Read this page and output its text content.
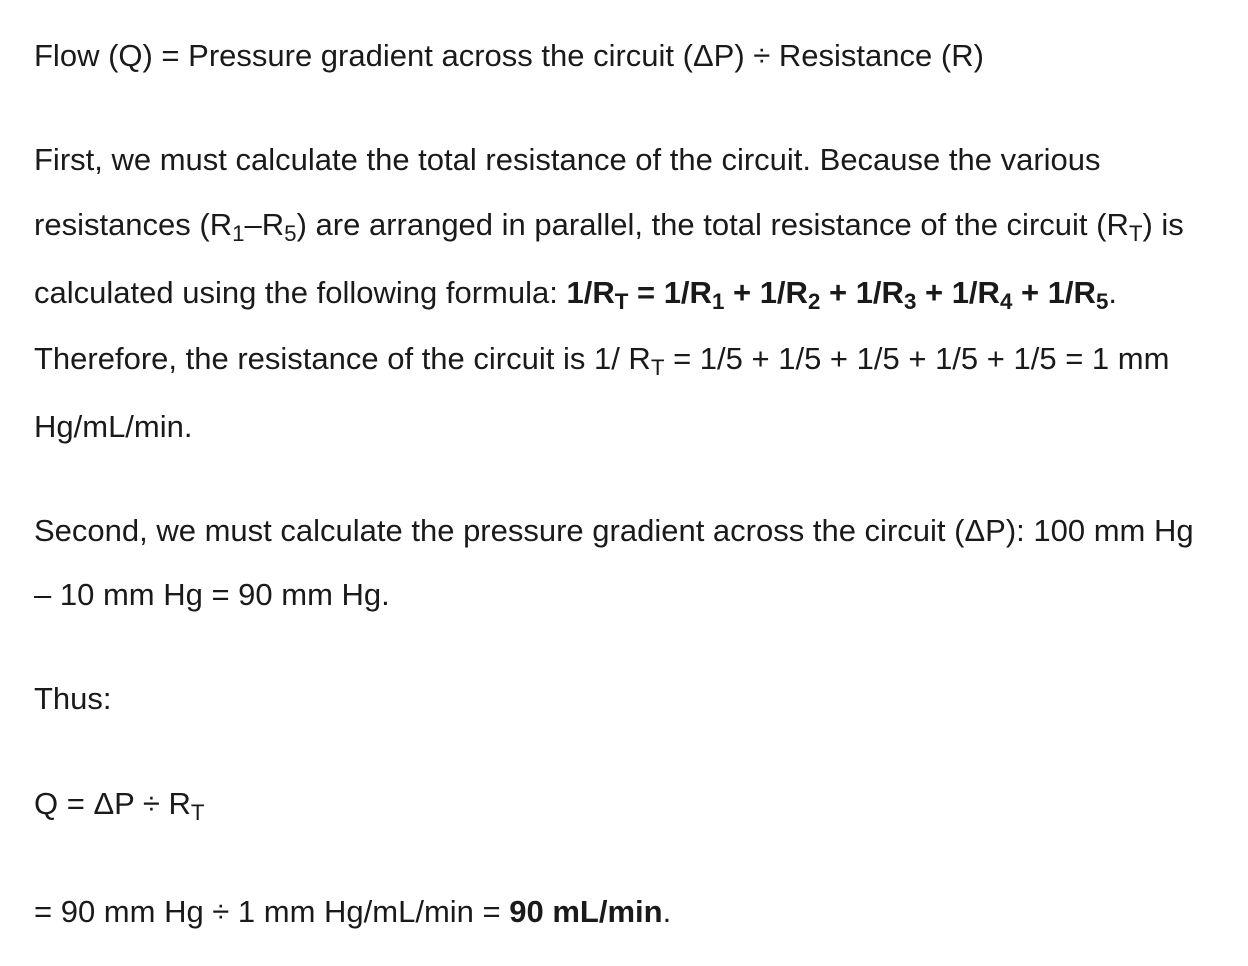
Flow (Q) = Pressure gradient across the circuit (ΔP) ÷ Resistance (R)
First, we must calculate the total resistance of the circuit. Because the various
resistances $(R_1-R_5)$ are arranged in parallel, the total resistance of the circuit $(R_T)$ is
calculated using the following formula: $1/R_T = 1/R_1 + 1/R_2 + 1/R_3 + 1/R_4 + 1/R_5$.
Therefore, the resistance of the circuit is 1/ $R_T = 1/5 + 1/5 + 1/5 + 1/5 + 1/5 = 1$ mm
Hg/mL/min.
Second, we must calculate the pressure gradient across the circuit (ΔP): 100 mm Hg
– 10 mm Hg = 90 mm Hg.
Thus:
$Q = \Delta P \div R_T$
= 90 mm Hg ÷ 1 mm Hg/mL/min = 90 mL/min.
